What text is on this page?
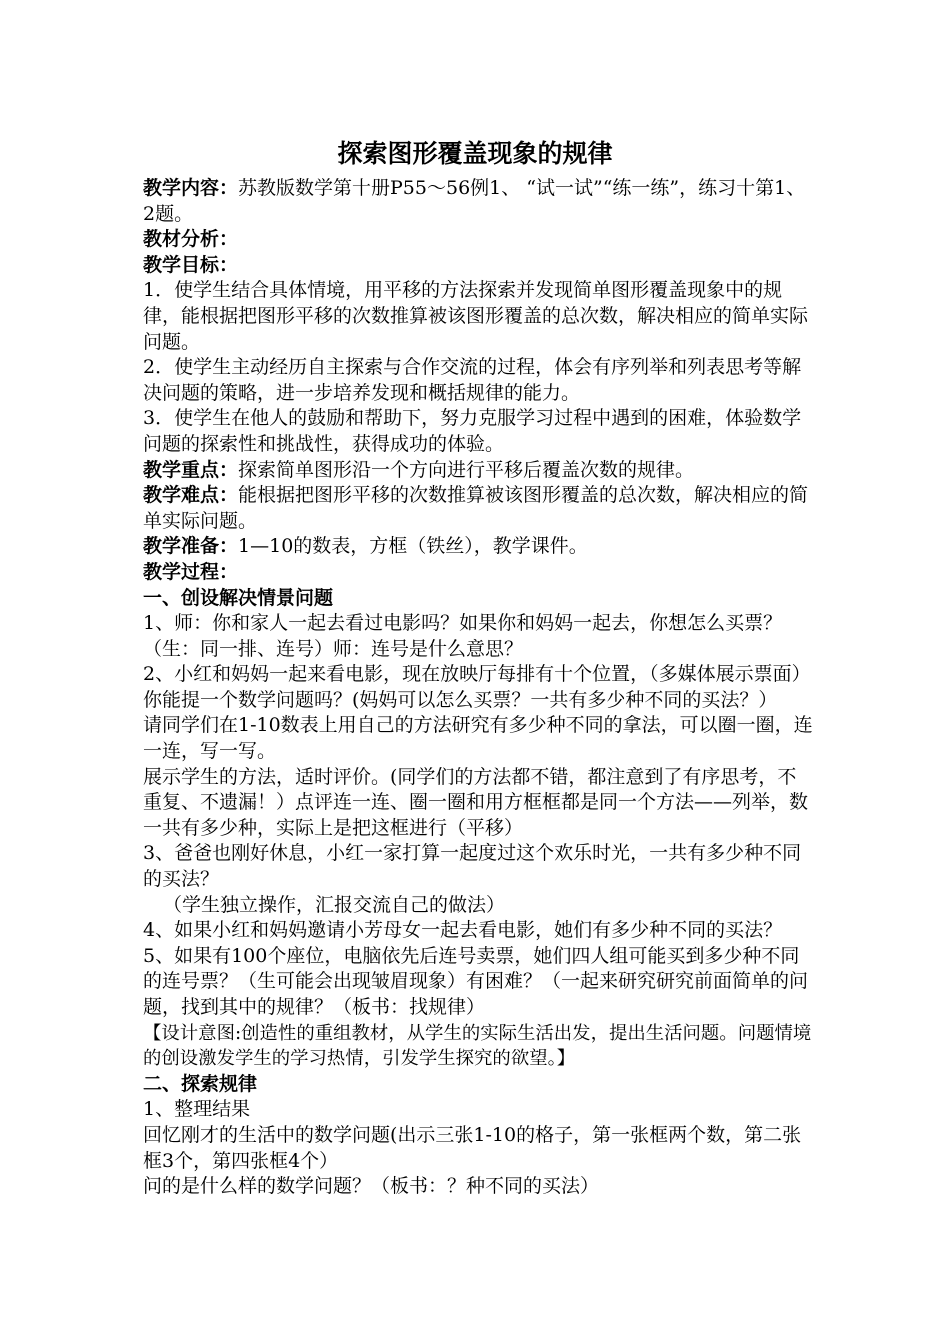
探索图形覆盖现象的规律

教学内容：苏教版数学第十册P55～56例1、 “试一试”“练一练”，练习十第1、2题。

教材分析：

教学目标：

1．使学生结合具体情境，用平移的方法探索并发现简单图形覆盖现象中的规律，能根据把图形平移的次数推算被该图形覆盖的总次数，解决相应的简单实际问题。

2．使学生主动经历自主探索与合作交流的过程，体会有序列举和列表思考等解决问题的策略，进一步培养发现和概括规律的能力。

3．使学生在他人的鼓励和帮助下，努力克服学习过程中遇到的困难，体验数学问题的探索性和挑战性，获得成功的体验。

教学重点：探索简单图形沿一个方向进行平移后覆盖次数的规律。

教学难点：能根据把图形平移的次数推算被该图形覆盖的总次数，解决相应的简单实际问题。

教学准备：1—10的数表，方框（铁丝），教学课件。

教学过程：

一、创设解决情景问题

1、师：你和家人一起去看过电影吗？如果你和妈妈一起去，你想怎么买票？（生：同一排、连号）师：连号是什么意思？

2、小红和妈妈一起来看电影，现在放映厅每排有十个位置，（多媒体展示票面）你能提一个数学问题吗？(妈妈可以怎么买票？一共有多少种不同的买法？）

请同学们在1-10数表上用自己的方法研究有多少种不同的拿法，可以圈一圈，连一连，写一写。

展示学生的方法，适时评价。(同学们的方法都不错，都注意到了有序思考，不重复、不遗漏！）点评连一连、圈一圈和用方框框都是同一个方法——列举，数一共有多少种，实际上是把这框进行（平移）

3、爸爸也刚好休息，小红一家打算一起度过这个欢乐时光，一共有多少种不同的买法？

（学生独立操作，汇报交流自己的做法）

4、如果小红和妈妈邀请小芳母女一起去看电影，她们有多少种不同的买法？

5、如果有100个座位，电脑依先后连号卖票，她们四人组可能买到多少种不同的连号票？（生可能会出现皱眉现象）有困难？（一起来研究研究前面简单的问题，找到其中的规律？（板书：找规律）

【设计意图:创造性的重组教材，从学生的实际生活出发，提出生活问题。问题情境的创设激发学生的学习热情，引发学生探究的欲望。】

二、探索规律

1、整理结果

回忆刚才的生活中的数学问题(出示三张1-10的格子，第一张框两个数，第二张框3个，第四张框4个）

问的是什么样的数学问题？（板书：？种不同的买法）
